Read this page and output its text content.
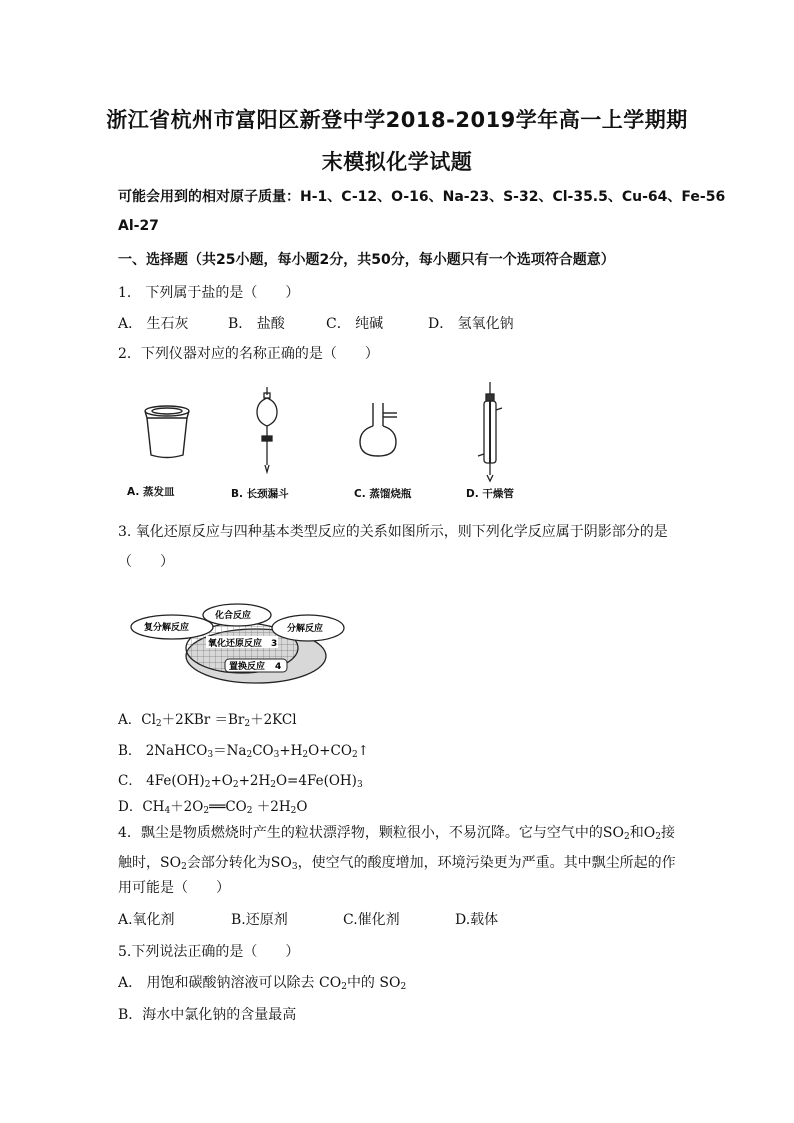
浙江省杭州市富阳区新登中学2018-2019学年高一上学期期
末模拟化学试题
可能会用到的相对原子质量：H-1、C-12、O-16、Na-23、S-32、Cl-35.5、Cu-64、Fe-56
Al-27
一、选择题（共25小题，每小题2分，共50分，每小题只有一个选项符合题意）
1． 下列属于盐的是（　　）
A． 生石灰	B． 盐酸	C． 纯碱	D． 氢氧化钠
2．下列仪器对应的名称正确的是（　　）
A. 蒸发皿	B. 长颈漏斗	C. 蒸馏烧瓶	D. 干燥管
3. 氧化还原反应与四种基本类型反应的关系如图所示，则下列化学反应属于阴影部分的是
（　　）
复分解反应
化合反应
分解反应
氧化还原反应 3
置换反应 4
A．$Cl_2+2KBr =Br_2+2KCl$
B． $2NaHCO_3=Na_2CO_3+H_2O+CO_2↑$
C． $4Fe(OH)_2+O_2+2H_2O=4Fe(OH)_3$
D．$CH_4+2O_2══CO_2 +2H_2O$
4．飘尘是物质燃烧时产生的粒状漂浮物，颗粒很小，不易沉降。它与空气中的$SO_2$和$O_2$接
触时，$SO_2$会部分转化为$SO_3$，使空气的酸度增加，环境污染更为严重。其中飘尘所起的作
用可能是（　　）
A.氧化剂	B.还原剂	C.催化剂	D.载体
5.下列说法正确的是（　　）
A． 用饱和碳酸钠溶液可以除去 $CO_2$中的 $SO_2$
B．海水中氯化钠的含量最高
